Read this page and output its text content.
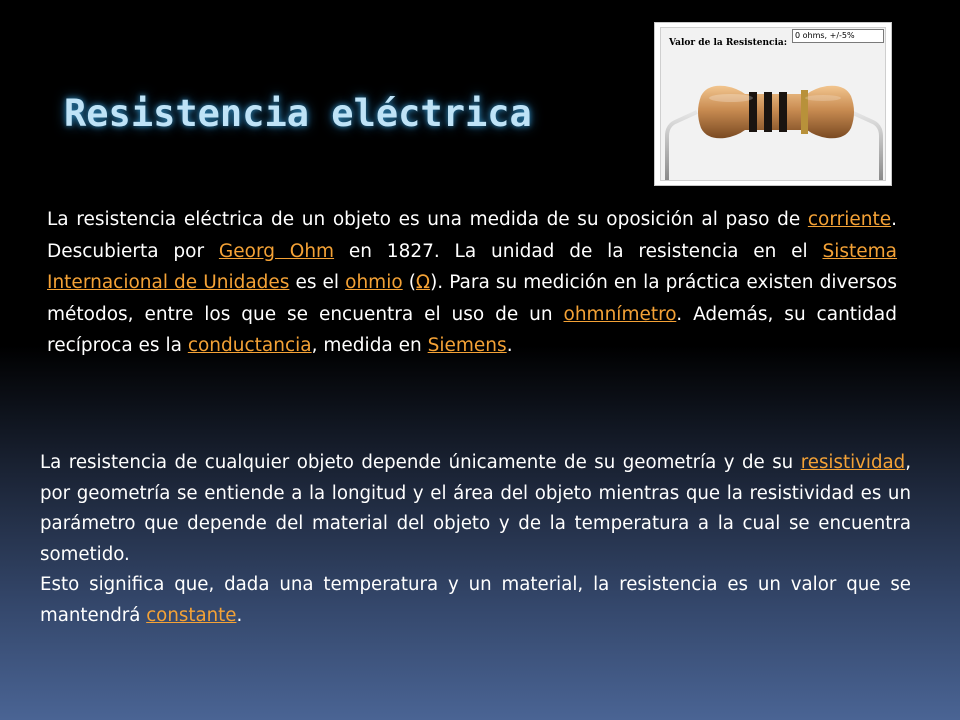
Resistencia eléctrica
Valor de la Resistencia:
0 ohms, +/-5%

La resistencia eléctrica de un objeto es una medida de su oposición al paso de corriente. Descubierta por Georg Ohm en 1827. La unidad de la resistencia en el Sistema Internacional de Unidades es el ohmio (Ω). Para su medición en la práctica existen diversos métodos, entre los que se encuentra el uso de un ohmnímetro. Además, su cantidad recíproca es la conductancia, medida en Siemens.

La resistencia de cualquier objeto depende únicamente de su geometría y de su resistividad, por geometría se entiende a la longitud y el área del objeto mientras que la resistividad es un parámetro que depende del material del objeto y de la temperatura a la cual se encuentra sometido.
Esto significa que, dada una temperatura y un material, la resistencia es un valor que se mantendrá constante.
